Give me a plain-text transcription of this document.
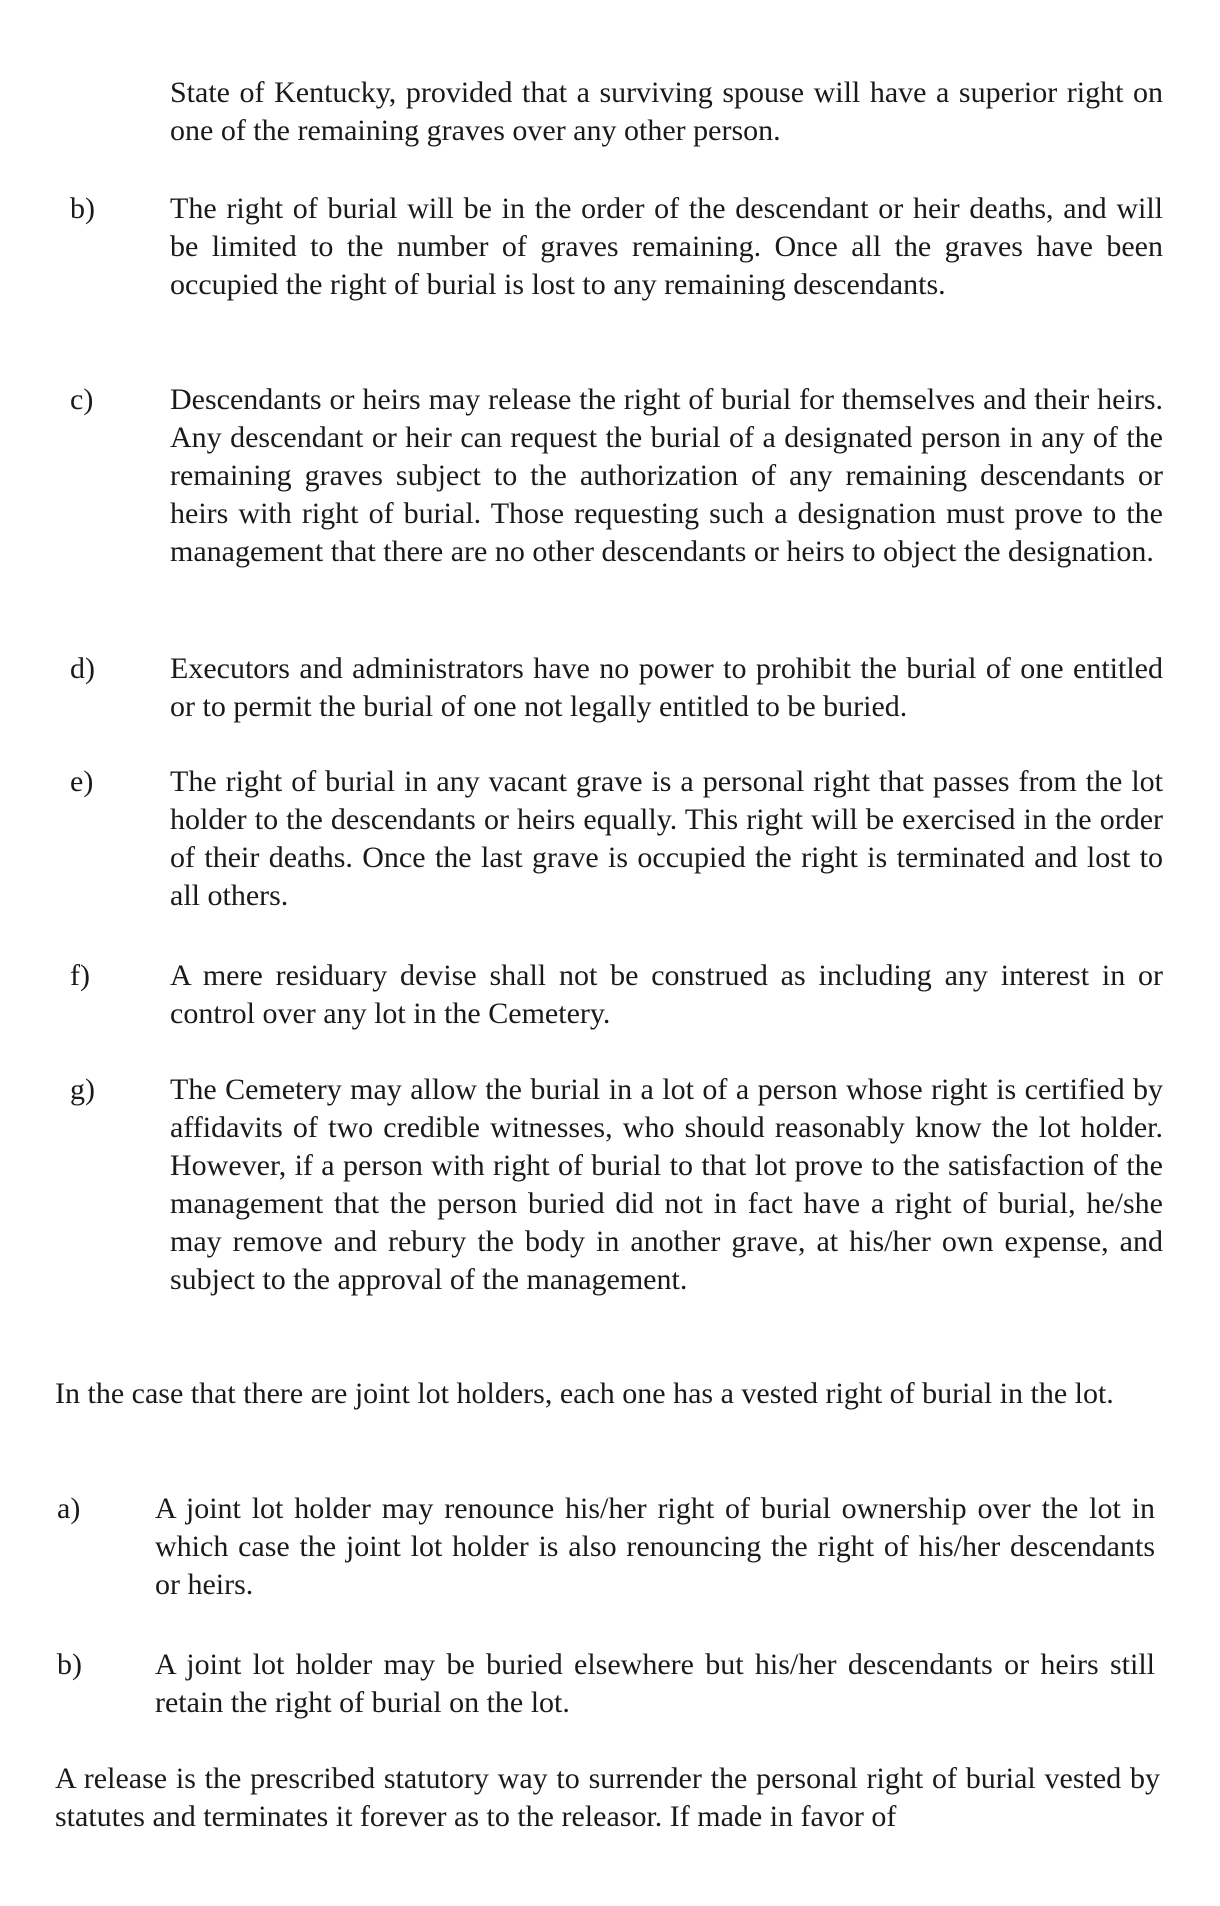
State of Kentucky, provided that a surviving spouse will have a superior right on one of the remaining graves over any other person.
b)	The right of burial will be in the order of the descendant or heir deaths, and will be limited to the number of graves remaining. Once all the graves have been occupied the right of burial is lost to any remaining descendants.
c)	Descendants or heirs may release the right of burial for themselves and their heirs. Any descendant or heir can request the burial of a designated person in any of the remaining graves subject to the authorization of any remaining descendants or heirs with right of burial. Those requesting such a designation must prove to the management that there are no other descendants or heirs to object the designation.
d)	Executors and administrators have no power to prohibit the burial of one entitled or to permit the burial of one not legally entitled to be buried.
e)	The right of burial in any vacant grave is a personal right that passes from the lot holder to the descendants or heirs equally. This right will be exercised in the order of their deaths. Once the last grave is occupied the right is terminated and lost to all others.
f)	A mere residuary devise shall not be construed as including any interest in or control over any lot in the Cemetery.
g)	The Cemetery may allow the burial in a lot of a person whose right is certified by affidavits of two credible witnesses, who should reasonably know the lot holder. However, if a person with right of burial to that lot prove to the satisfaction of the management that the person buried did not in fact have a right of burial, he/she may remove and rebury the body in another grave, at his/her own expense, and subject to the approval of the management.
In the case that there are joint lot holders, each one has a vested right of burial in the lot.
a) A joint lot holder may renounce his/her right of burial ownership over the lot in which case the joint lot holder is also renouncing the right of his/her descendants or heirs.
b) A joint lot holder may be buried elsewhere but his/her descendants or heirs still retain the right of burial on the lot.
A release is the prescribed statutory way to surrender the personal right of burial vested by statutes and terminates it forever as to the releasor. If made in favor of
